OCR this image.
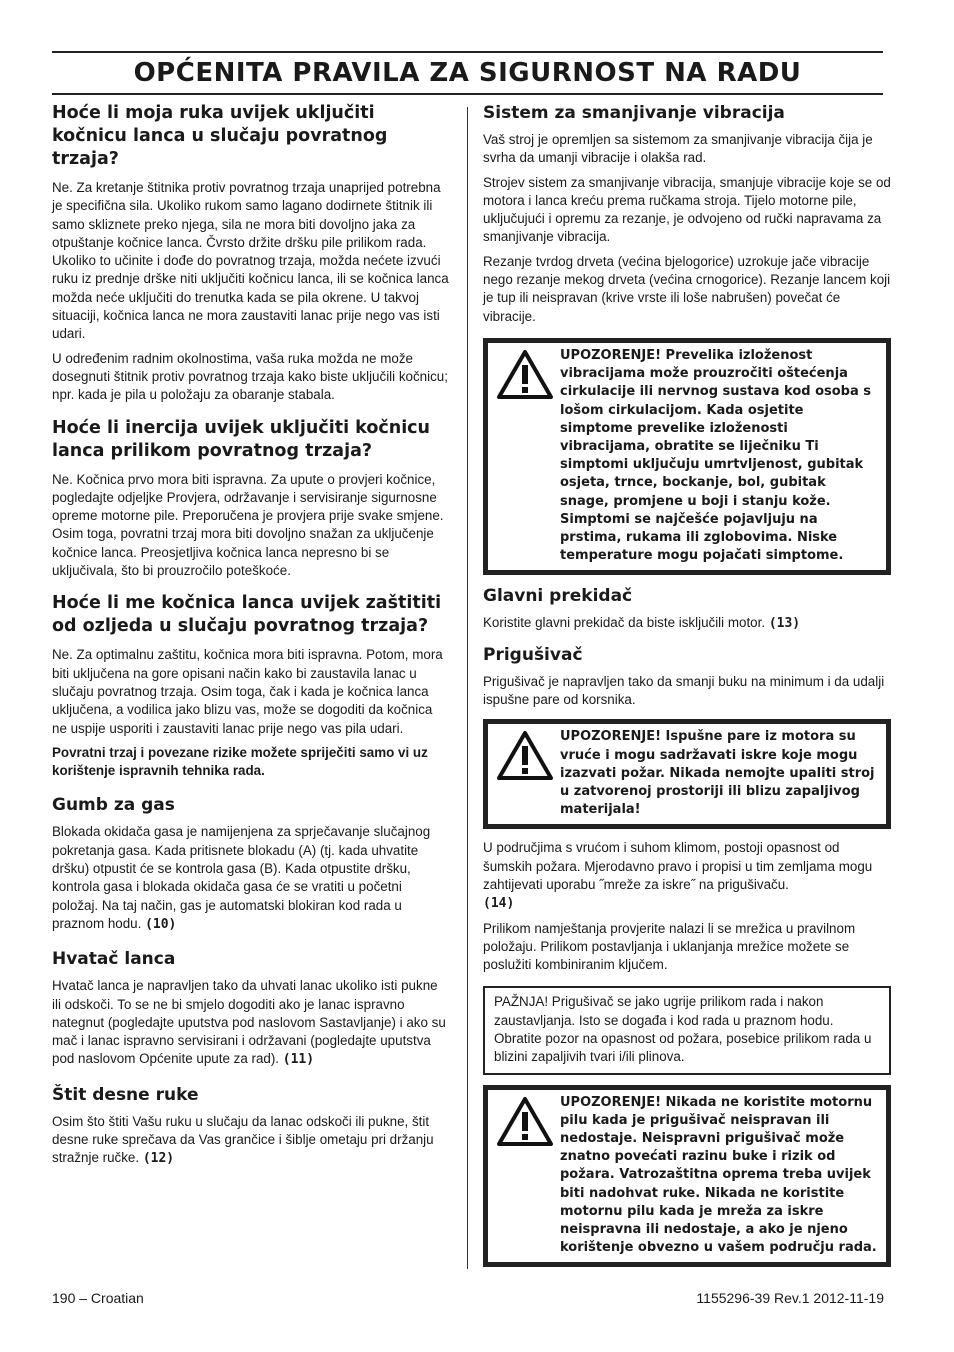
OPĆENITA PRAVILA ZA SIGURNOST NA RADU
Hoće li moja ruka uvijek uključiti kočnicu lanca u slučaju povratnog trzaja?

Ne. Za kretanje štitnika protiv povratnog trzaja unaprijed potrebna je specifična sila. Ukoliko rukom samo lagano dodirnete štitnik ili samo skliznete preko njega, sila ne mora biti dovoljno jaka za otpuštanje kočnice lanca. Čvrsto držite dršku pile prilikom rada. Ukoliko to učinite i dođe do povratnog trzaja, možda nećete izvući ruku iz prednje drške niti uključiti kočnicu lanca, ili se kočnica lanca možda neće uključiti do trenutka kada se pila okrene. U takvoj situaciji, kočnica lanca ne mora zaustaviti lanac prije nego vas isti udari.

U određenim radnim okolnostima, vaša ruka možda ne može dosegnuti štitnik protiv povratnog trzaja kako biste uključili kočnicu; npr. kada je pila u položaju za obaranje stabala.

Hoće li inercija uvijek uključiti kočnicu lanca prilikom povratnog trzaja?

Ne. Kočnica prvo mora biti ispravna. Za upute o provjeri kočnice, pogledajte odjeljke Provjera, održavanje i servisiranje sigurnosne opreme motorne pile. Preporučena je provjera prije svake smjene. Osim toga, povratni trzaj mora biti dovoljno snažan za uključenje kočnice lanca. Preosjetljiva kočnica lanca nepresno bi se uključivala, što bi prouzročilo poteškoće.

Hoće li me kočnica lanca uvijek zaštititi od ozljeda u slučaju povratnog trzaja?

Ne. Za optimalnu zaštitu, kočnica mora biti ispravna. Potom, mora biti uključena na gore opisani način kako bi zaustavila lanac u slučaju povratnog trzaja. Osim toga, čak i kada je kočnica lanca uključena, a vodilica jako blizu vas, može se dogoditi da kočnica ne uspije usporiti i zaustaviti lanac prije nego vas pila udari.

Povratni trzaj i povezane rizike možete spriječiti samo vi uz korištenje ispravnih tehnika rada.

Gumb za gas

Blokada okidača gasa je namijenjena za sprječavanje slučajnog pokretanja gasa. Kada pritisnete blokadu (A) (tj. kada uhvatite dršku) otpustit će se kontrola gasa (B). Kada otpustite dršku, kontrola gasa i blokada okidača gasa će se vratiti u početni položaj. Na taj način, gas je automatski blokiran kod rada u praznom hodu. (10)

Hvatač lanca

Hvatač lanca je napravljen tako da uhvati lanac ukoliko isti pukne ili odskoči. To se ne bi smjelo dogoditi ako je lanac ispravno nategnut (pogledajte uputstva pod naslovom Sastavljanje) i ako su mač i lanac ispravno servisirani i održavani (pogledajte uputstva pod naslovom Općenite upute za rad). (11)

Štit desne ruke

Osim što štiti Vašu ruku u slučaju da lanac odskoči ili pukne, štit desne ruke sprečava da Vas grančice i šiblje ometaju pri držanju stražnje ručke. (12)

Sistem za smanjivanje vibracija

Vaš stroj je opremljen sa sistemom za smanjivanje vibracija čija je svrha da umanji vibracije i olakša rad.

Strojev sistem za smanjivanje vibracija, smanjuje vibracije koje se od motora i lanca kreću prema ručkama stroja. Tijelo motorne pile, uključujući i opremu za rezanje, je odvojeno od ručki napravama za smanjivanje vibracija.

Rezanje tvrdog drveta (većina bjelogorice) uzrokuje jače vibracije nego rezanje mekog drveta (većina crnogorice). Rezanje lancem koji je tup ili neispravan (krive vrste ili loše nabrušen) povečat će vibracije.

UPOZORENJE! Prevelika izloženost vibracijama može prouzročiti oštećenja cirkulacije ili nervnog sustava kod osoba s lošom cirkulacijom. Kada osjetite simptome prevelike izloženosti vibracijama, obratite se liječniku Ti simptomi uključuju umrtvljenost, gubitak osjeta, trnce, bockanje, bol, gubitak snage, promjene u boji i stanju kože. Simptomi se najčešće pojavljuju na prstima, rukama ili zglobovima. Niske temperature mogu pojačati simptome.
Glavni prekidač

Koristite glavni prekidač da biste isključili motor. (13)

Prigušivač

Prigušivač je napravljen tako da smanji buku na minimum i da udalji ispušne pare od korsnika.

UPOZORENJE! Ispušne pare iz motora su vruće i mogu sadržavati iskre koje mogu izazvati požar. Nikada nemojte upaliti stroj u zatvorenoj prostoriji ili blizu zapaljivog materijala!

U područjima s vrućom i suhom klimom, postoji opasnost od šumskih požara. Mjerodavno pravo i propisi u tim zemljama mogu zahtijevati uporabu ˝mreže za iskre˝ na prigušivaču.
(14)

Prilikom namještanja provjerite nalazi li se mrežica u pravilnom položaju. Prilikom postavljanja i uklanjanja mrežice možete se poslužiti kombiniranim ključem.

PAŽNJA! Prigušivač se jako ugrije prilikom rada i nakon zaustavljanja. Isto se događa i kod rada u praznom hodu. Obratite pozor na opasnost od požara, posebice prilikom rada u blizini zapaljivih tvari i/ili plinova.

UPOZORENJE! Nikada ne koristite motornu pilu kada je prigušivač neispravan ili nedostaje. Neispravni prigušivač može znatno povećati razinu buke i rizik od požara. Vatrozaštitna oprema treba uvijek biti nadohvat ruke. Nikada ne koristite motornu pilu kada je mreža za iskre neispravna ili nedostaje, a ako je njeno korištenje obvezno u vašem području rada.
190 – Croatian	1155296-39 Rev.1 2012-11-19
